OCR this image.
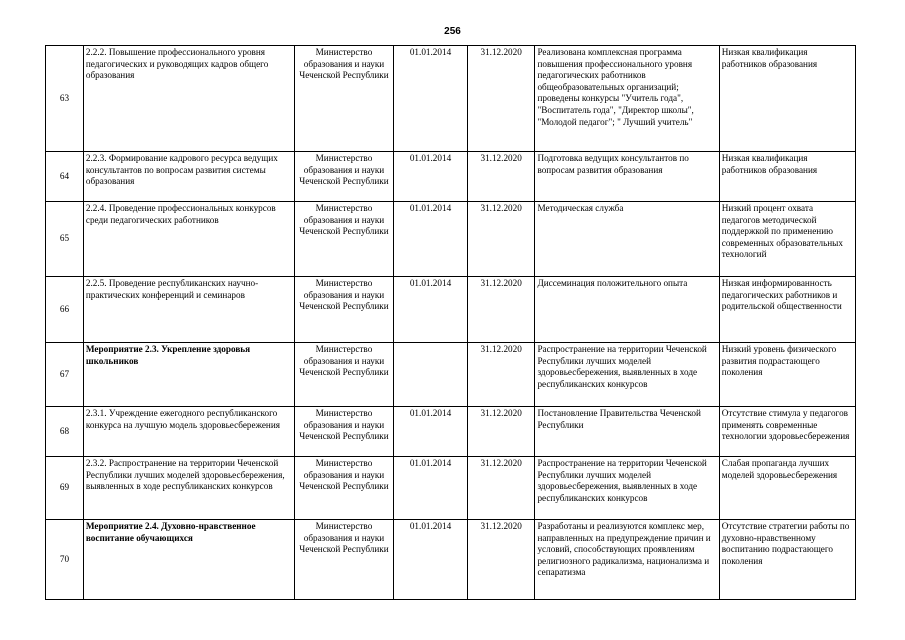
256
63	2.2.2. Повышение профессионального уровня педагогических и руководящих кадров общего образования	Министерство образования и науки Чеченской Республики	01.01.2014	31.12.2020	Реализована комплексная программа повышения профессионального уровня педагогических работников общеобразовательных организаций; проведены конкурсы "Учитель года", "Воспитатель года", "Директор школы", "Молодой педагог"; " Лучший учитель"	Низкая квалификация работников образования
64	2.2.3. Формирование кадрового ресурса ведущих консультантов по вопросам развития системы образования	Министерство образования и науки Чеченской Республики	01.01.2014	31.12.2020	Подготовка ведущих консультантов по вопросам развития образования	Низкая квалификация работников образования
65	2.2.4. Проведение профессиональных конкурсов среди педагогических работников	Министерство образования и науки Чеченской Республики	01.01.2014	31.12.2020	Методическая служба	Низкий процент охвата педагогов методической поддержкой по применению современных образовательных технологий
66	2.2.5. Проведение республиканских научно-практических конференций и семинаров	Министерство образования и науки Чеченской Республики	01.01.2014	31.12.2020	Диссеминация положительного опыта	Низкая информированность педагогических работников и родительской общественности
67	Мероприятие 2.3. Укрепление здоровья школьников	Министерство образования и науки Чеченской Республики		31.12.2020	Распространение на территории Чеченской Республики лучших моделей здоровьесбережения, выявленных в ходе республиканских конкурсов	Низкий уровень физического развития подрастающего поколения
68	2.3.1. Учреждение ежегодного республиканского конкурса на лучшую модель здоровьесбережения	Министерство образования и науки Чеченской Республики	01.01.2014	31.12.2020	Постановление Правительства Чеченской Республики	Отсутствие стимула у педагогов применять современные технологии здоровьесбережения

69	2.3.2. Распространение на территории Чеченской Республики лучших моделей здоровьесбережения, выявленных в ходе республиканских конкурсов	Министерство образования и науки Чеченской Республики	01.01.2014	31.12.2020	Распространение на территории Чеченской Республики лучших моделей здоровьесбережения, выявленных в ходе республиканских конкурсов	Слабая пропаганда лучших моделей здоровьесбережения
70	Мероприятие 2.4. Духовно-нравственное воспитание обучающихся	Министерство образования и науки Чеченской Республики	01.01.2014	31.12.2020	Разработаны и реализуются комплекс мер, направленных на предупреждение причин и условий, способствующих проявлениям религиозного радикализма, национализма и сепаратизма	Отсутствие стратегии работы по духовно-нравственному воспитанию подрастающего поколения
